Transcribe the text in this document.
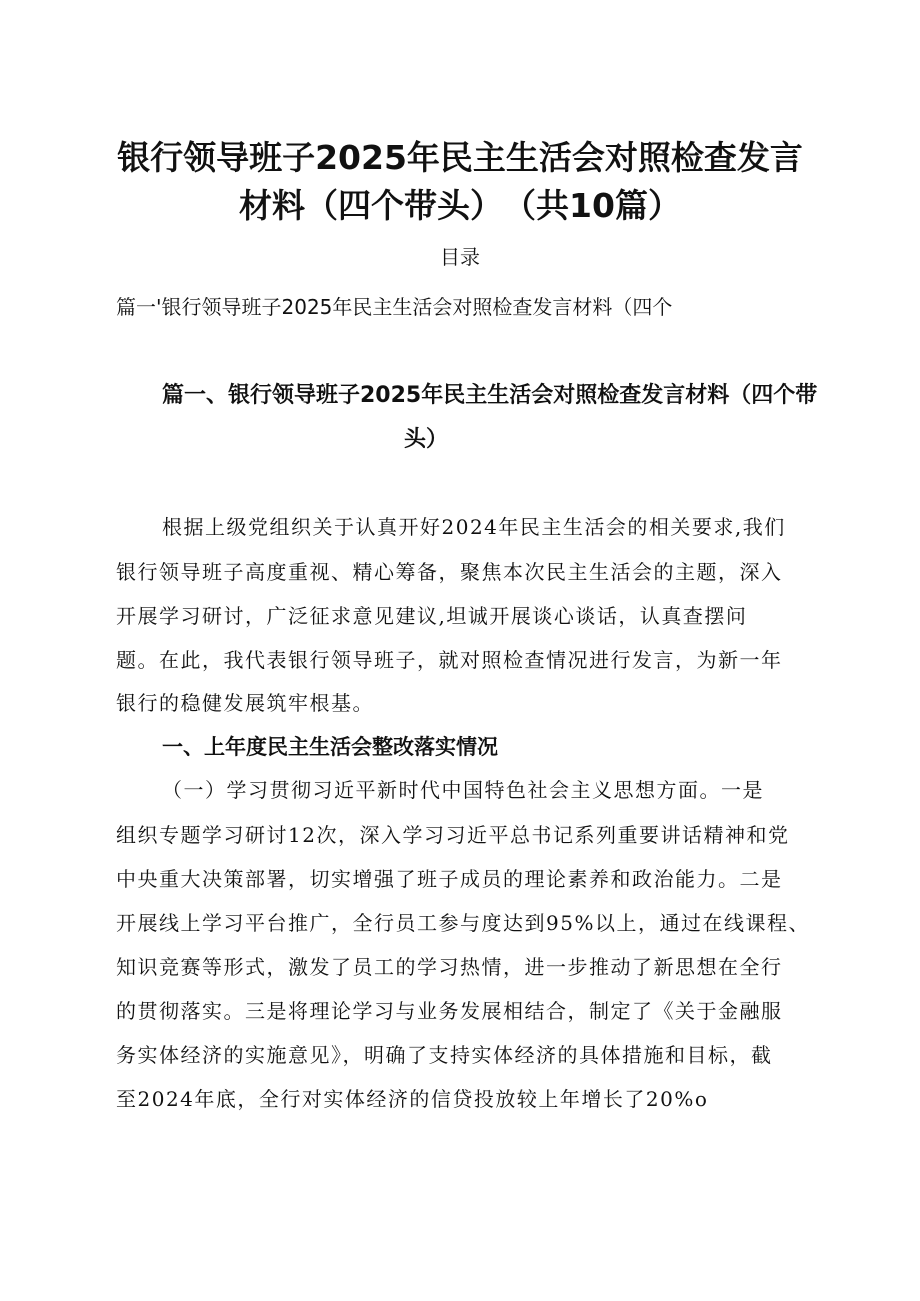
银行领导班子2025年民主生活会对照检查发言
材料（四个带头）　（共10篇）
目录
篇一'银行领导班子2025年民主生活会对照检查发言材料（四个
篇一、银行领导班子2025年民主生活会对照检查发言材料（四个带
头）
根据上级党组织关于认真开好2024年民主生活会的相关要求,我们
银行领导班子高度重视、精心筹备，聚焦本次民主生活会的主题，深入
开展学习研讨，广泛征求意见建议,坦诚开展谈心谈话，认真查摆问
题。在此，我代表银行领导班子，就对照检查情况进行发言，为新一年
银行的稳健发展筑牢根基。
一、上年度民主生活会整改落实情况
（一）学习贯彻习近平新时代中国特色社会主义思想方面。一是
组织专题学习研讨12次，深入学习习近平总书记系列重要讲话精神和党
中央重大决策部署，切实增强了班子成员的理论素养和政治能力。二是
开展线上学习平台推广，全行员工参与度达到95%以上，通过在线课程、
知识竞赛等形式，激发了员工的学习热情，进一步推动了新思想在全行
的贯彻落实。三是将理论学习与业务发展相结合，制定了《关于金融服
务实体经济的实施意见》，明确了支持实体经济的具体措施和目标，截
至2024年底，全行对实体经济的信贷投放较上年增长了20%o
